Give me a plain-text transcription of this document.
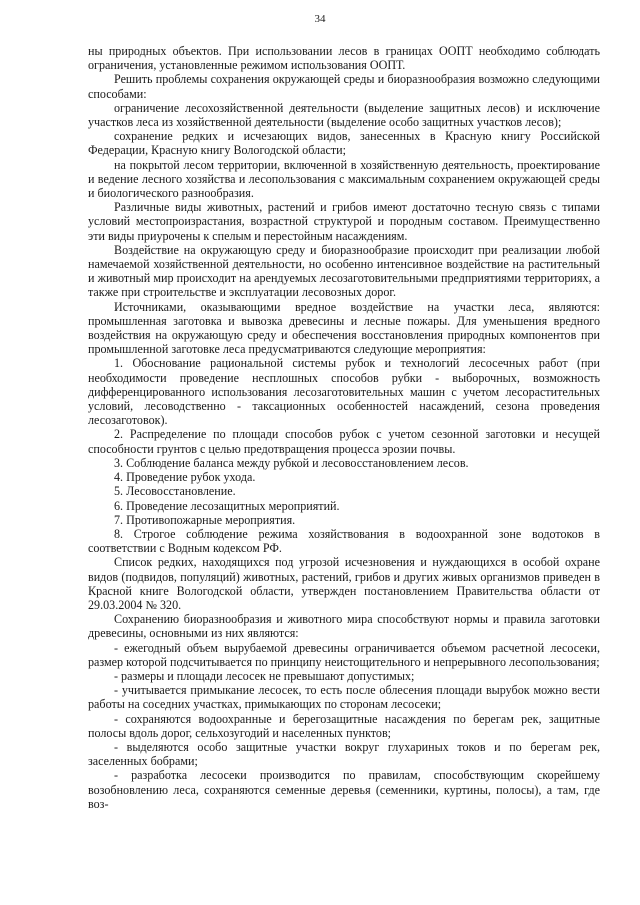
34

ны природных объектов. При использовании лесов в границах ООПТ необходимо соблюдать ограничения, установленные режимом использования ООПТ.

Решить проблемы сохранения окружающей среды и биоразнообразия возможно следующими способами:

ограничение лесохозяйственной деятельности (выделение защитных лесов) и исключение участков леса из хозяйственной деятельности (выделение особо защитных участков лесов);

сохранение редких и исчезающих видов, занесенных в Красную книгу Российской Федерации, Красную книгу Вологодской области;

на покрытой лесом территории, включенной в хозяйственную деятельность, проектирование и ведение лесного хозяйства и лесопользования с максимальным сохранением окружающей среды и биологического разнообразия.

Различные виды животных, растений и грибов имеют достаточно тесную связь с типами условий местопроизрастания, возрастной структурой и породным составом. Преимущественно эти виды приурочены к спелым и перестойным насаждениям.

Воздействие на окружающую среду и биоразнообразие происходит при реализации любой намечаемой хозяйственной деятельности, но особенно интенсивное воздействие на растительный и животный мир происходит на арендуемых лесозаготовительными предприятиями территориях, а также при строительстве и эксплуатации лесовозных дорог.

Источниками, оказывающими вредное воздействие на участки леса, являются: промышленная заготовка и вывозка древесины и лесные пожары. Для уменьшения вредного воздействия на окружающую среду и обеспечения восстановления природных компонентов при промышленной заготовке леса предусматриваются следующие мероприятия:

1. Обоснование рациональной системы рубок и технологий лесосечных работ (при необходимости проведение несплошных способов рубки - выборочных, возможность дифференцированного использования лесозаготовительных машин с учетом лесорастительных условий, лесоводственно - таксационных особенностей насаждений, сезона проведения лесозаготовок).

2. Распределение по площади способов рубок с учетом сезонной заготовки и несущей способности грунтов с целью предотвращения процесса эрозии почвы.

3. Соблюдение баланса между рубкой и лесовосстановлением лесов.

4. Проведение рубок ухода.

5. Лесовосстановление.

6. Проведение лесозащитных мероприятий.

7. Противопожарные мероприятия.

8. Строгое соблюдение режима хозяйствования в водоохранной зоне водотоков в соответствии с Водным кодексом РФ.

Список редких, находящихся под угрозой исчезновения и нуждающихся в особой охране видов (подвидов, популяций) животных, растений, грибов и других живых организмов приведен в Красной книге Вологодской области, утвержден постановлением Правительства области от 29.03.2004 № 320.

Сохранению биоразнообразия и животного мира способствуют нормы и правила заготовки древесины, основными из них являются:

- ежегодный объем вырубаемой древесины ограничивается объемом расчетной лесосеки, размер которой подсчитывается по принципу неистощительного и непрерывного лесопользования;

- размеры и площади лесосек не превышают допустимых;

- учитывается примыкание лесосек, то есть после облесения площади вырубок можно вести работы на соседних участках, примыкающих по сторонам лесосеки;

- сохраняются водоохранные и берегозащитные насаждения по берегам рек, защитные полосы вдоль дорог, сельхозугодий и населенных пунктов;

- выделяются особо защитные участки вокруг глухариных токов и по берегам рек, заселенных бобрами;

- разработка лесосеки производится по правилам, способствующим скорейшему возобновлению леса, сохраняются семенные деревья (семенники, куртины, полосы), а там, где воз-
